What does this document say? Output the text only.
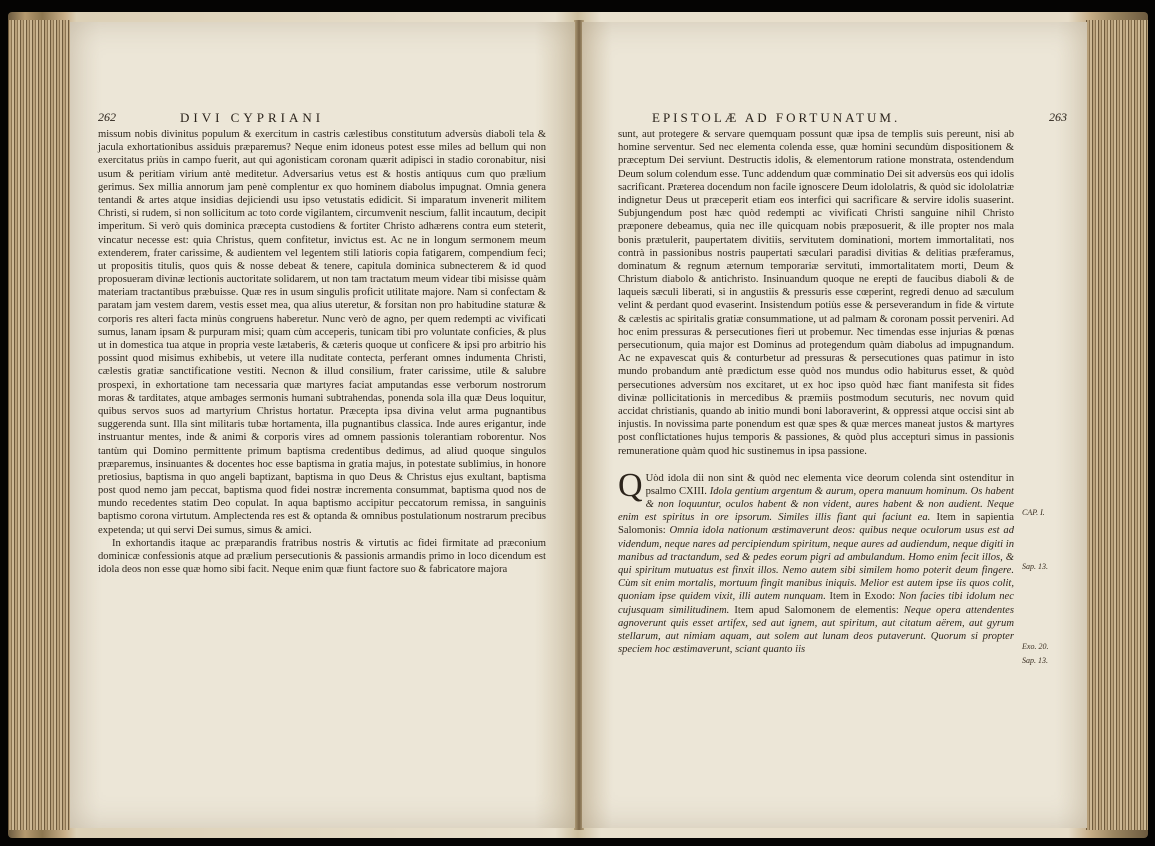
262	DIVI CYPRIANI

missum nobis divinitus populum & exercitum in castris cælestibus constitutum adversùs diaboli tela & jacula exhortationibus assiduis præparemus? Neque enim idoneus potest esse miles ad bellum qui non exercitatus priùs in campo fuerit, aut qui agonisticam coronam quærit adipisci in stadio coronabitur, nisi usum & peritiam virium antè meditetur. Adversarius vetus est & hostis antiquus cum quo prælium gerimus. Sex millia annorum jam penè complentur ex quo hominem diabolus impugnat. Omnia genera tentandi & artes atque insidias dejiciendi usu ipso vetustatis edidicit. Si imparatum invenerit militem Christi, si rudem, si non sollicitum ac toto corde vigilantem, circumvenit nescium, fallit incautum, decipit imperitum. Si verò quis dominica præcepta custodiens & fortiter Christo adhærens contra eum steterit, vincatur necesse est: quia Christus, quem confitetur, invictus est. Ac ne in longum sermonem meum extenderem, frater carissime, & audientem vel legentem stili latioris copia fatigarem, compendium feci; ut propositis titulis, quos quis & nosse debeat & tenere, capitula dominica subnecterem & id quod proposueram divinæ lectionis auctoritate solidarem, ut non tam tractatum meum videar tibi misisse quàm materiam tractantibus præbuisse. Quæ res in usum singulis proficit utilitate majore. Nam si confectam & paratam jam vestem darem, vestis esset mea, qua alius uteretur, & forsitan non pro habitudine staturæ & corporis res alteri facta minùs congruens haberetur. Nunc verò de agno, per quem redempti ac vivificati sumus, lanam ipsam & purpuram misi; quam cùm acceperis, tunicam tibi pro voluntate conficies, & plus ut in domestica tua atque in propria veste lætaberis, & cæteris quoque ut conficere & ipsi pro arbitrio his possint quod misimus exhibebis, ut vetere illa nuditate contecta, perferant omnes indumenta Christi, cælestis gratiæ sanctificatione vestiti. Necnon & illud consilium, frater carissime, utile & salubre prospexi, in exhortatione tam necessaria quæ martyres faciat amputandas esse verborum nostrorum moras & tarditates, atque ambages sermonis humani subtrahendas, ponenda sola illa quæ Deus loquitur, quibus servos suos ad martyrium Christus hortatur. Præcepta ipsa divina velut arma pugnantibus suggerenda sunt. Illa sint militaris tubæ hortamenta, illa pugnantibus classica. Inde aures erigantur, inde instruantur mentes, inde & animi & corporis vires ad omnem passionis tolerantiam roborentur. Nos tantùm qui Domino permittente primum baptisma credentibus dedimus, ad aliud quoque singulos præparemus, insinuantes & docentes hoc esse baptisma in gratia majus, in potestate sublimius, in honore pretiosius, baptisma in quo angeli baptizant, baptisma in quo Deus & Christus ejus exultant, baptisma post quod nemo jam peccat, baptisma quod fidei nostræ incrementa consummat, baptisma quod nos de mundo recedentes statim Deo copulat. In aqua baptismo accipitur peccatorum remissa, in sanguinis baptismo corona virtutum. Amplectenda res est & optanda & omnibus postulationum nostrarum precibus expetenda; ut qui servi Dei sumus, simus & amici.

In exhortandis itaque ac præparandis fratribus nostris & virtutis ac fidei firmitate ad præconium dominicæ confessionis atque ad prælium persecutionis & passionis armandis primo in loco dicendum est idola deos non esse quæ homo sibi facit. Neque enim quæ fiunt factore suo & fabricatore majora

EPISTOLÆ AD FORTUNATUM.	263

sunt, aut protegere & servare quemquam possunt quæ ipsa de templis suis pereunt, nisi ab homine serventur. Sed nec elementa colenda esse, quæ homini secundùm dispositionem & præceptum Dei serviunt. Destructis idolis, & elementorum ratione monstrata, ostendendum Deum solum colendum esse. Tunc addendum quæ comminatio Dei sit adversùs eos qui idolis sacrificant. Præterea docendum non facile ignoscere Deum idololatris, & quòd sic idololatriæ indignetur Deus ut præceperit etiam eos interfici qui sacrificare & servire idolis suaserint. Subjungendum post hæc quòd redempti ac vivificati Christi sanguine nihil Christo præponere debeamus, quia nec ille quicquam nobis præposuerit, & ille propter nos mala bonis prætulerit, paupertatem divitiis, servitutem dominationi, mortem immortalitati, nos contrà in passionibus nostris paupertati sæculari paradisi divitias & delitias præferamus, dominatum & regnum æternum temporariæ servituti, immortalitatem morti, Deum & Christum diabolo & antichristo. Insinuandum quoque ne erepti de faucibus diaboli & de laqueis sæculi liberati, si in angustiis & pressuris esse cœperint, regredi denuo ad sæculum velint & perdant quod evaserint. Insistendum potiùs esse & perseverandum in fide & virtute & cælestis ac spiritalis gratiæ consummatione, ut ad palmam & coronam possit perveniri. Ad hoc enim pressuras & persecutiones fieri ut probemur. Nec timendas esse injurias & pœnas persecutionum, quia major est Dominus ad protegendum quàm diabolus ad impugnandum. Ac ne expavescat quis & conturbetur ad pressuras & persecutiones quas patimur in isto mundo probandum antè prædictum esse quòd nos mundus odio habiturus esset, & quòd persecutiones adversùm nos excitaret, ut ex hoc ipso quòd hæc fiant manifesta sit fides divinæ pollicitationis in mercedibus & præmiis postmodum secuturis, nec novum quid accidat christianis, quando ab initio mundi boni laboraverint, & oppressi atque occisi sint ab injustis. In novissima parte ponendum est quæ spes & quæ merces maneat justos & martyres post conflictationes hujus temporis & passiones, & quòd plus accepturi simus in passionis remuneratione quàm quod hic sustinemus in ipsa passione.

Q Uòd idola dii non sint & quòd nec elementa vice deorum colenda sint ostenditur in psalmo CXIII. Idola gentium argentum & aurum, opera manuum hominum. Os habent & non loquuntur, oculos habent & non vident, aures habent & non audient. Neque enim est spiritus in ore ipsorum. Similes illis fiant qui faciunt ea. Item in sapientia Salomonis: Omnia idola nationum æstimaverunt deos: quibus neque oculorum usus est ad videndum, neque nares ad percipiendum spiritum, neque aures ad audiendum, neque digiti in manibus ad tractandum, sed & pedes eorum pigri ad ambulandum. Homo enim fecit illos, & qui spiritum mutuatus est finxit illos. Nemo autem sibi similem homo poterit deum fingere. Cùm sit enim mortalis, mortuum fingit manibus iniquis. Melior est autem ipse iis quos colit, quoniam ipse quidem vixit, illi autem nunquam. Item in Exodo: Non facies tibi idolum nec cujusquam similitudinem. Item apud Salomonem de elementis: Neque opera attendentes agnoverunt quis esset artifex, sed aut ignem, aut spiritum, aut citatum aërem, aut gyrum stellarum, aut nimiam aquam, aut solem aut lunam deos putaverunt. Quorum si propter speciem hoc æstimaverunt, sciant quanto iis

CAP. I.
Sap. 13.
Exo. 20.
Sap. 13.
